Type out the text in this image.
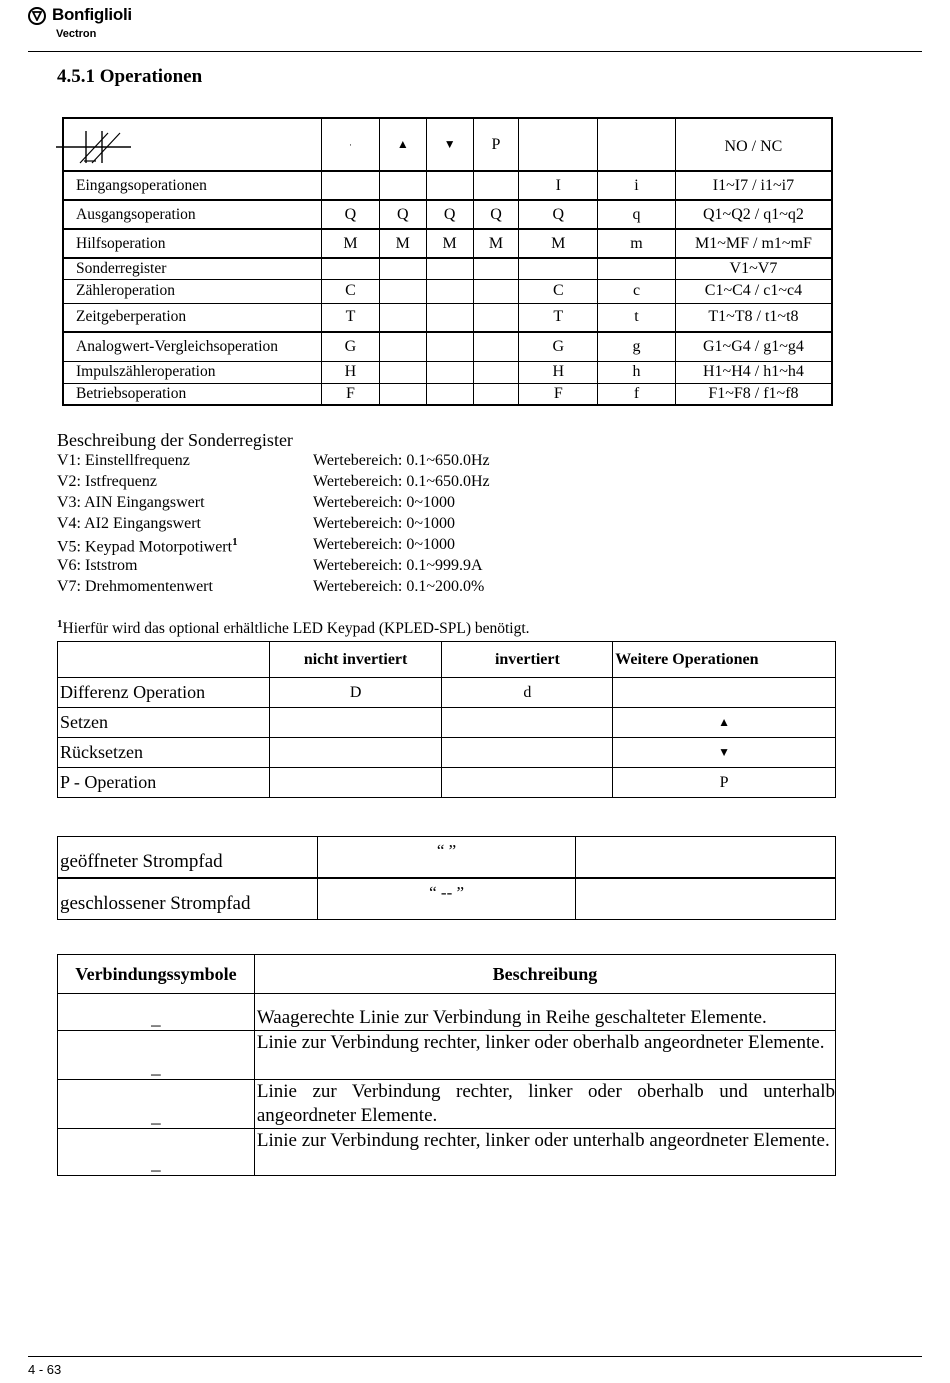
Bonfiglioli
Vectron
4.5.1 Operationen
	·	▲	▼	P			NO / NC
Eingangsoperationen					I	i	I1~I7 / i1~i7
Ausgangsoperation	Q	Q	Q	Q	Q	q	Q1~Q2 / q1~q2
Hilfsoperation	M	M	M	M	M	m	M1~MF / m1~mF
Sonderregister							V1~V7
Zähleroperation	C				C	c	C1~C4 / c1~c4
Zeitgeberperation	T				T	t	T1~T8 / t1~t8
Analogwert-Vergleichsoperation	G				G	g	G1~G4 / g1~g4
Impulszähleroperation	H				H	h	H1~H4 / h1~h4
Betriebsoperation	F				F	f	F1~F8 / f1~f8
Beschreibung der Sonderregister
V1: Einstellfrequenz	Wertebereich: 0.1~650.0Hz
V2: Istfrequenz	Wertebereich: 0.1~650.0Hz
V3: AIN Eingangswert	Wertebereich: 0~1000
V4: AI2 Eingangswert	Wertebereich: 0~1000
V5: Keypad Motorpotiwert$^1$	Wertebereich: 0~1000
V6: Iststrom	Wertebereich: 0.1~999.9A
V7: Drehmomentenwert	Wertebereich: 0.1~200.0%
$^1$Hierfür wird das optional erhältliche LED Keypad (KPLED-SPL) benötigt.
	nicht invertiert	invertiert	Weitere Operationen
Differenz Operation	D	d	
Setzen			▲
Rücksetzen			▼
P - Operation			P
geöffneter Strompfad	“ ”	
geschlossener Strompfad	“ -- ”	
Verbindungssymbole	Beschreibung
_	Waagerechte Linie zur Verbindung in Reihe geschalteter Elemente.
_	Linie zur Verbindung rechter, linker oder oberhalb angeordneter Elemente.
_	Linie zur Verbindung rechter, linker oder oberhalb und unterhalb angeordneter Elemente.
_	Linie zur Verbindung rechter, linker oder unterhalb angeordneter Elemente.
4 - 63
